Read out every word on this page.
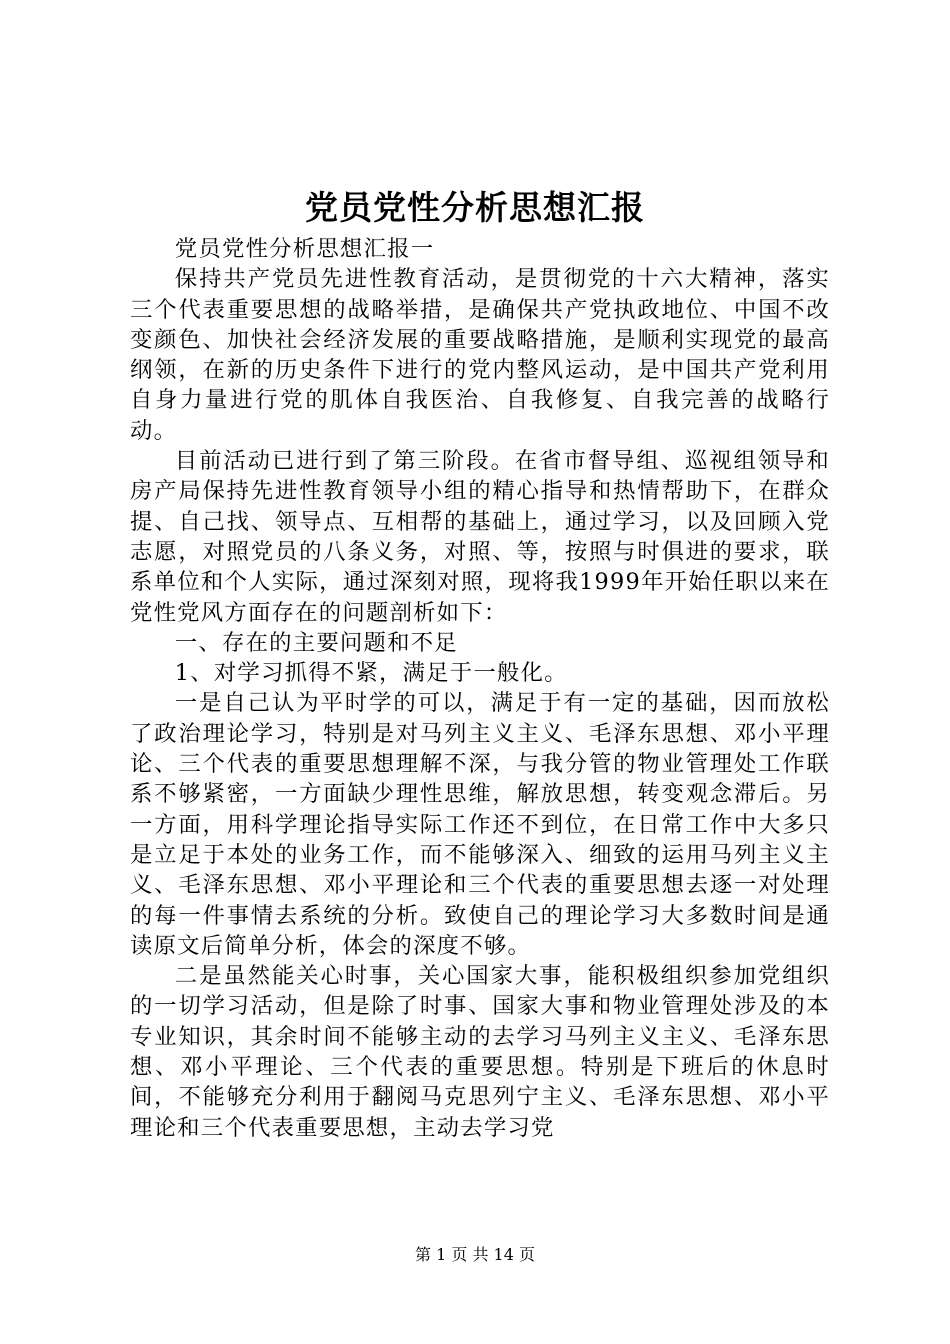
党员党性分析思想汇报

党员党性分析思想汇报一

保持共产党员先进性教育活动，是贯彻党的十六大精神，落实三个代表重要思想的战略举措，是确保共产党执政地位、中国不改变颜色、加快社会经济发展的重要战略措施，是顺利实现党的最高纲领，在新的历史条件下进行的党内整风运动，是中国共产党利用自身力量进行党的肌体自我医治、自我修复、自我完善的战略行动。

目前活动已进行到了第三阶段。在省市督导组、巡视组领导和房产局保持先进性教育领导小组的精心指导和热情帮助下，在群众提、自己找、领导点、互相帮的基础上，通过学习，以及回顾入党志愿，对照党员的八条义务，对照、等，按照与时俱进的要求，联系单位和个人实际，通过深刻对照，现将我1999年开始任职以来在党性党风方面存在的问题剖析如下：

一、存在的主要问题和不足

1、对学习抓得不紧，满足于一般化。

一是自己认为平时学的可以，满足于有一定的基础，因而放松了政治理论学习，特别是对马列主义主义、毛泽东思想、邓小平理论、三个代表的重要思想理解不深，与我分管的物业管理处工作联系不够紧密，一方面缺少理性思维，解放思想，转变观念滞后。另一方面，用科学理论指导实际工作还不到位，在日常工作中大多只是立足于本处的业务工作，而不能够深入、细致的运用马列主义主义、毛泽东思想、邓小平理论和三个代表的重要思想去逐一对处理的每一件事情去系统的分析。致使自己的理论学习大多数时间是通读原文后简单分析，体会的深度不够。

二是虽然能关心时事，关心国家大事，能积极组织参加党组织的一切学习活动，但是除了时事、国家大事和物业管理处涉及的本专业知识，其余时间不能够主动的去学习马列主义主义、毛泽东思想、邓小平理论、三个代表的重要思想。特别是下班后的休息时间，不能够充分利用于翻阅马克思列宁主义、毛泽东思想、邓小平理论和三个代表重要思想，主动去学习党

第 1 页 共 14 页
